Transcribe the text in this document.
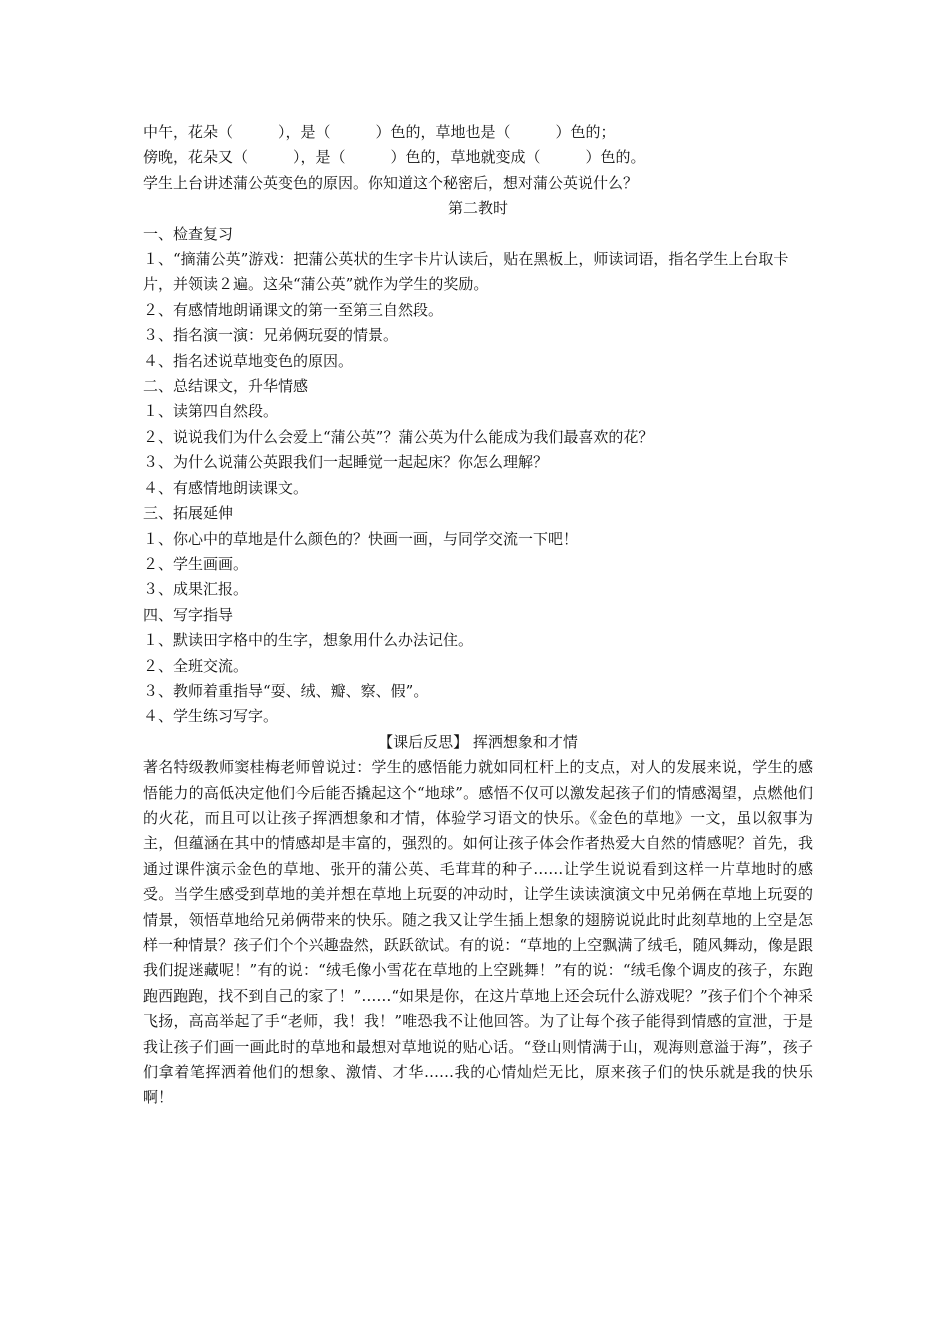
中午，花朵（　　　），是（　　　）色的，草地也是（　　　）色的；
傍晚，花朵又（　　　），是（　　　）色的，草地就变成（　　　）色的。
学生上台讲述蒲公英变色的原因。你知道这个秘密后，想对蒲公英说什么？
第二教时
一、检查复习
１、“摘蒲公英”游戏：把蒲公英状的生字卡片认读后，贴在黑板上，师读词语，指名学生上台取卡片，并领读２遍。这朵“蒲公英”就作为学生的奖励。
２、有感情地朗诵课文的第一至第三自然段。
３、指名演一演：兄弟俩玩耍的情景。
４、指名述说草地变色的原因。
二、总结课文，升华情感
１、读第四自然段。
２、说说我们为什么会爱上“蒲公英”？蒲公英为什么能成为我们最喜欢的花？
３、为什么说蒲公英跟我们一起睡觉一起起床？你怎么理解？
４、有感情地朗读课文。
三、拓展延伸
１、你心中的草地是什么颜色的？快画一画，与同学交流一下吧！
２、学生画画。
３、成果汇报。
四、写字指导
１、默读田字格中的生字，想象用什么办法记住。
２、全班交流。
３、教师着重指导“耍、绒、瓣、察、假”。
４、学生练习写字。
【课后反思】 挥洒想象和才情
著名特级教师窦桂梅老师曾说过：学生的感悟能力就如同杠杆上的支点，对人的发展来说，学生的感悟能力的高低决定他们今后能否撬起这个“地球”。感悟不仅可以激发起孩子们的情感渴望，点燃他们的火花，而且可以让孩子挥洒想象和才情，体验学习语文的快乐。《金色的草地》一文，虽以叙事为主，但蕴涵在其中的情感却是丰富的，强烈的。如何让孩子体会作者热爱大自然的情感呢？首先，我通过课件演示金色的草地、张开的蒲公英、毛茸茸的种子……让学生说说看到这样一片草地时的感受。当学生感受到草地的美并想在草地上玩耍的冲动时，让学生读读演演文中兄弟俩在草地上玩耍的情景，领悟草地给兄弟俩带来的快乐。随之我又让学生插上想象的翅膀说说此时此刻草地的上空是怎样一种情景？孩子们个个兴趣盎然，跃跃欲试。有的说：“草地的上空飘满了绒毛，随风舞动，像是跟我们捉迷藏呢！”有的说：“绒毛像小雪花在草地的上空跳舞！”有的说：“绒毛像个调皮的孩子，东跑跑西跑跑，找不到自己的家了！”……“如果是你，在这片草地上还会玩什么游戏呢？”孩子们个个神采飞扬，高高举起了手“老师，我！我！”唯恐我不让他回答。为了让每个孩子能得到情感的宣泄，于是我让孩子们画一画此时的草地和最想对草地说的贴心话。“登山则情满于山，观海则意溢于海”，孩子们拿着笔挥洒着他们的想象、激情、才华……我的心情灿烂无比，原来孩子们的快乐就是我的快乐啊！
